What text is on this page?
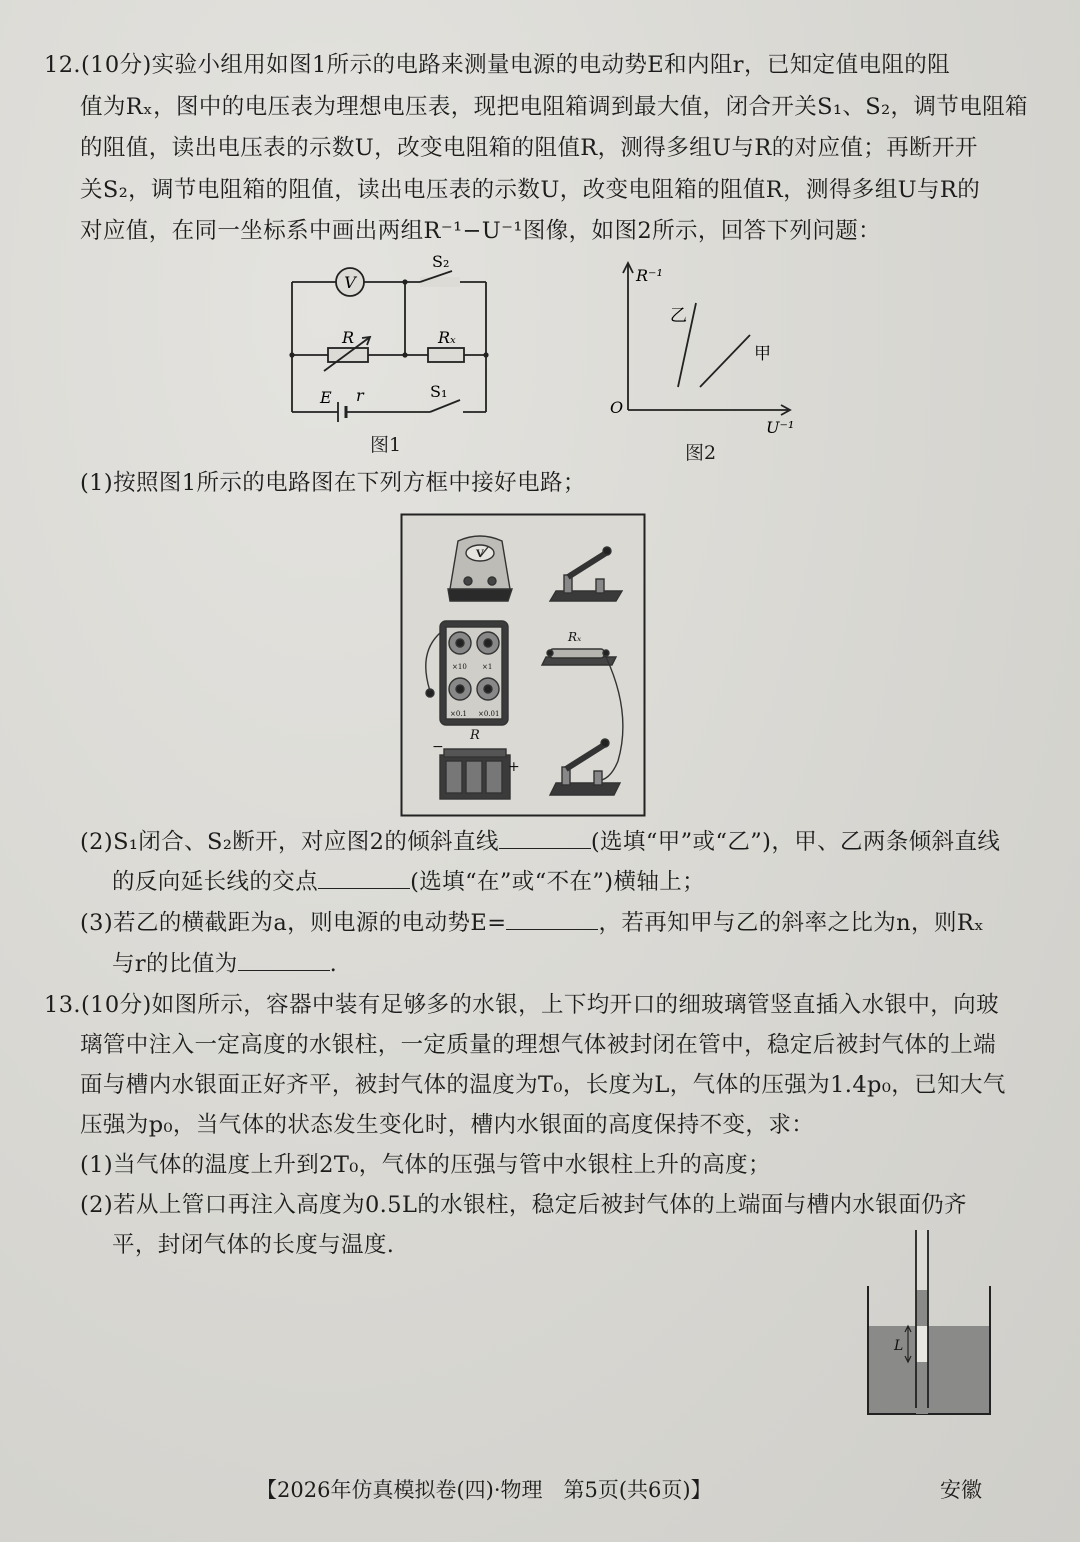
12.(10分)实验小组用如图1所示的电路来测量电源的电动势E和内阻r，已知定值电阻的阻
值为Rₓ，图中的电压表为理想电压表，现把电阻箱调到最大值，闭合开关S₁、S₂，调节电阻箱
的阻值，读出电压表的示数U，改变电阻箱的阻值R，测得多组U与R的对应值；再断开开
关S₂，调节电阻箱的阻值，读出电压表的示数U，改变电阻箱的阻值R，测得多组U与R的
对应值，在同一坐标系中画出两组R⁻¹−U⁻¹图像，如图2所示，回答下列问题：
V
S₂
R	Rₓ
E r	S₁
图1
R⁻¹
U⁻¹
O
乙
甲
图2
(1)按照图1所示的电路图在下列方框中接好电路；
V
×10 ×1
×0.1 ×0.01
R
Rₓ
−
+
(2)S₁闭合、S₂断开，对应图2的倾斜直线	(选填“甲”或“乙”)，甲、乙两条倾斜直线
的反向延长线的交点	(选填“在”或“不在”)横轴上；
(3)若乙的横截距为a，则电源的电动势E=	，若再知甲与乙的斜率之比为n，则Rₓ
与r的比值为	.
13.(10分)如图所示，容器中装有足够多的水银，上下均开口的细玻璃管竖直插入水银中，向玻
璃管中注入一定高度的水银柱，一定质量的理想气体被封闭在管中，稳定后被封气体的上端
面与槽内水银面正好齐平，被封气体的温度为T₀，长度为L，气体的压强为1.4p₀，已知大气
压强为p₀，当气体的状态发生变化时，槽内水银面的高度保持不变，求：
(1)当气体的温度上升到2T₀，气体的压强与管中水银柱上升的高度；
(2)若从上管口再注入高度为0.5L的水银柱，稳定后被封气体的上端面与槽内水银面仍齐
平，封闭气体的长度与温度.
L
【2026年仿真模拟卷(四)·物理　第5页(共6页)】	安徽
